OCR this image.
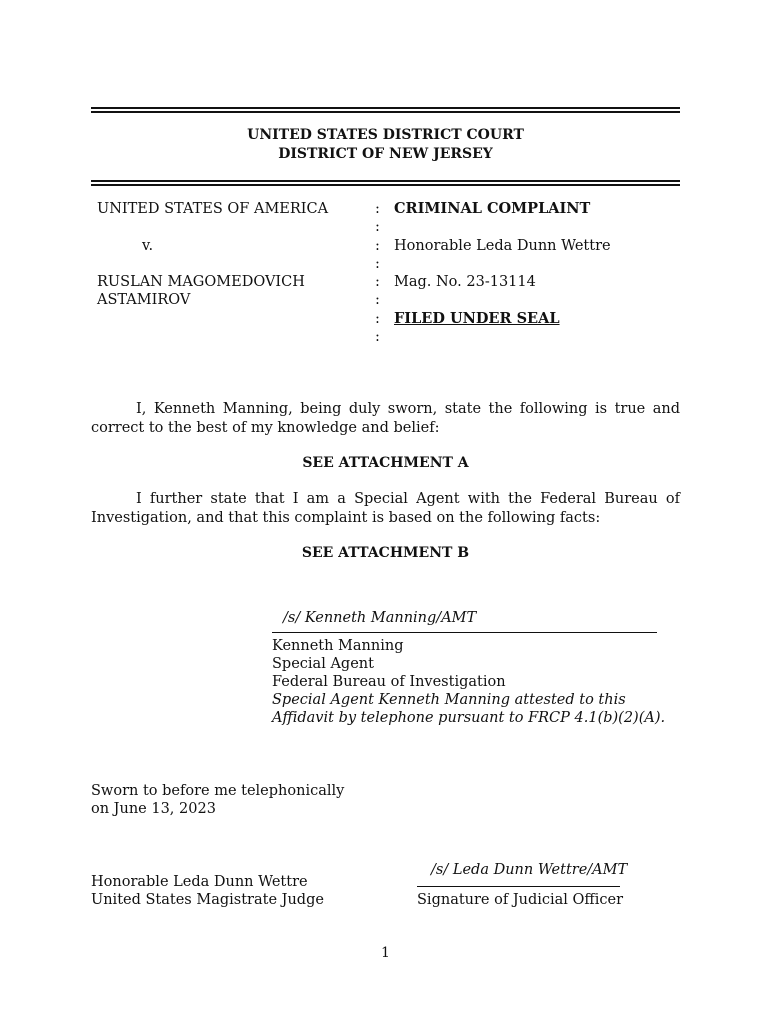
UNITED STATES DISTRICT COURT
DISTRICT OF NEW JERSEY
UNITED STATES OF AMERICA
v.
RUSLAN MAGOMEDOVICH
ASTAMIROV
:
:
:
:
:
:
:
:
CRIMINAL COMPLAINT
Honorable Leda Dunn Wettre
Mag. No. 23-13114
FILED UNDER SEAL
I, Kenneth Manning, being duly sworn, state the following is true and correct to the best of my knowledge and belief:
SEE ATTACHMENT A
I further state that I am a Special Agent with the Federal Bureau of Investigation, and that this complaint is based on the following facts:
SEE ATTACHMENT B
/s/ Kenneth Manning/AMT
Kenneth Manning
Special Agent
Federal Bureau of Investigation
Special Agent Kenneth Manning attested to this
Affidavit by telephone pursuant to FRCP 4.1(b)(2)(A).
Sworn to before me telephonically
on June 13, 2023
Honorable Leda Dunn Wettre
United States Magistrate Judge
/s/ Leda Dunn Wettre/AMT
Signature of Judicial Officer
1
